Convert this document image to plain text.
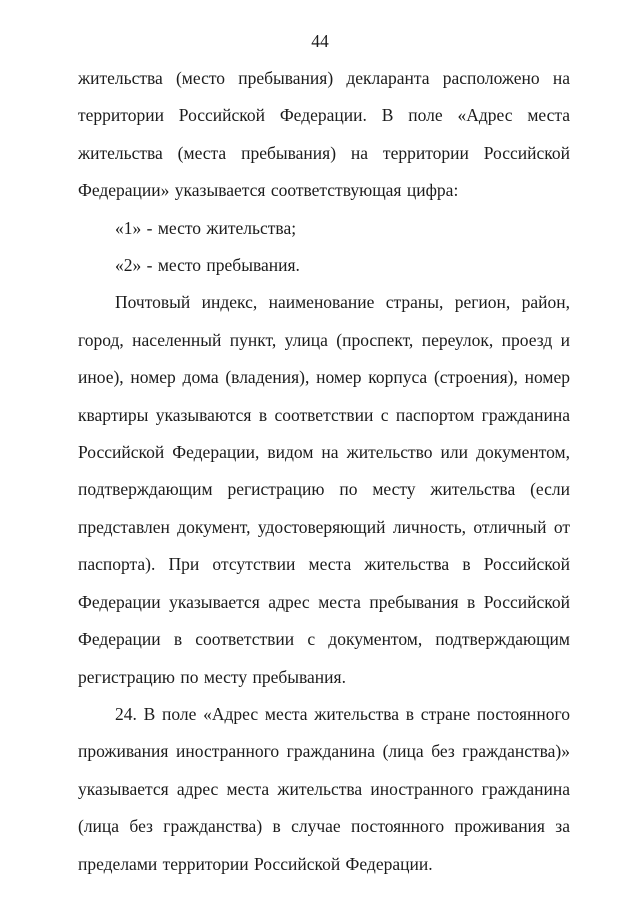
44

жительства (место пребывания) декларанта расположено на территории Российской Федерации. В поле «Адрес места жительства (места пребывания) на территории Российской Федерации» указывается соответствующая цифра:

«1» - место жительства;

«2» - место пребывания.

Почтовый индекс, наименование страны, регион, район, город, населенный пункт, улица (проспект, переулок, проезд и иное), номер дома (владения), номер корпуса (строения), номер квартиры указываются в соответствии с паспортом гражданина Российской Федерации, видом на жительство или документом, подтверждающим регистрацию по месту жительства (если представлен документ, удостоверяющий личность, отличный от паспорта). При отсутствии места жительства в Российской Федерации указывается адрес места пребывания в Российской Федерации в соответствии с документом, подтверждающим регистрацию по месту пребывания.

24. В поле «Адрес места жительства в стране постоянного проживания иностранного гражданина (лица без гражданства)» указывается адрес места жительства иностранного гражданина (лица без гражданства) в случае постоянного проживания за пределами территории Российской Федерации.
